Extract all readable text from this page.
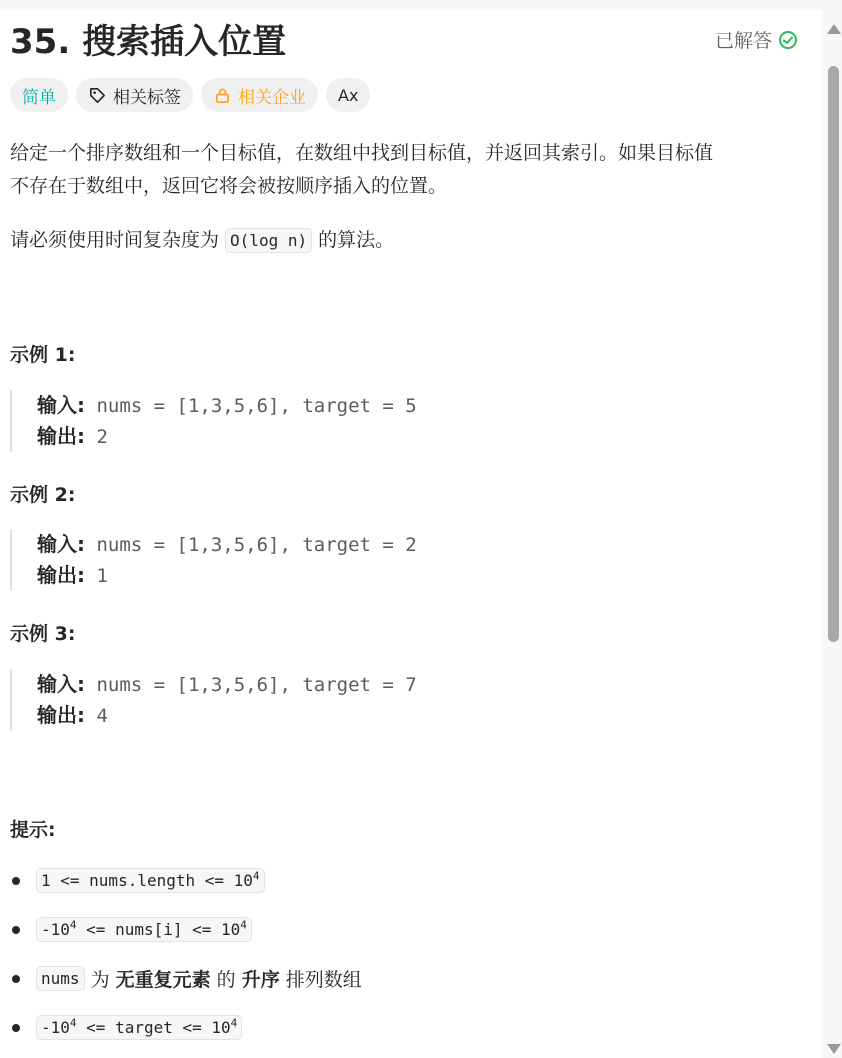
35. 搜索插入位置	已解答
简单	相关标签	相关企业 Ax
给定一个排序数组和一个目标值，在数组中找到目标值，并返回其索引。如果目标值
不存在于数组中，返回它将会被按顺序插入的位置。
请必须使用时间复杂度为 O(log n) 的算法。
示例 1:
输入: nums = [1,3,5,6], target = 5
输出: 2
示例 2:
输入: nums = [1,3,5,6], target = 2
输出: 1
示例 3:
输入: nums = [1,3,5,6], target = 7
输出: 4
提示:
1 <= nums.length <= $10^4$
$-10^4$ <= nums[i] <= $10^4$
nums 为 无重复元素 的 升序 排列数组
$-10^4$ <= target <= $10^4$
